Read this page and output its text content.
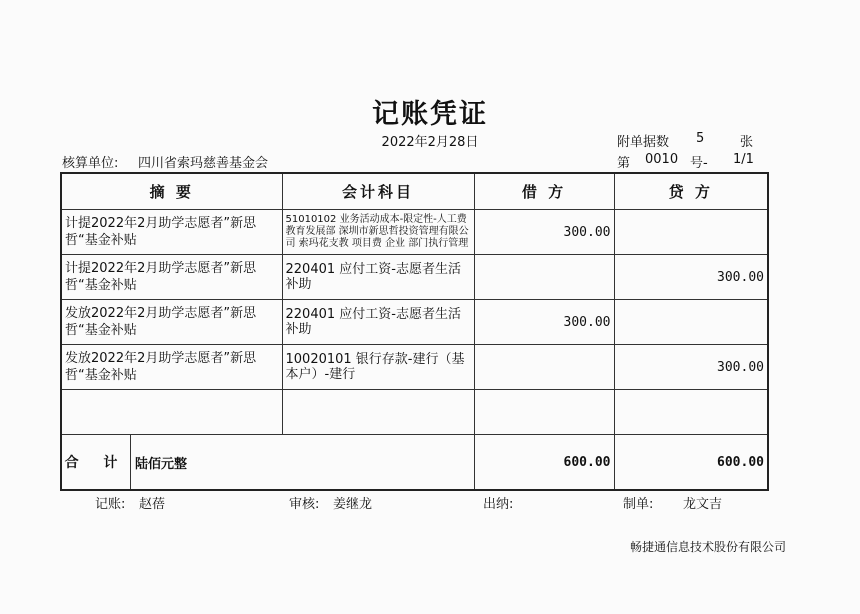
记账凭证
2022年2月28日	附单据数 5	张
核算单位: 四川省索玛慈善基金会	第 0010 号- 1/1
摘 要	会计科目	借 方	贷 方
计提2022年2月助学志愿者”新思哲“基金补贴	51010102 业务活动成本-限定性-人工费 教育发展部 深圳市新思哲投资管理有限公司 索玛花支教 项目费 企业 部门执行管理	300.00	
计提2022年2月助学志愿者”新思哲“基金补贴	220401 应付工资-志愿者生活补助		300.00
发放2022年2月助学志愿者”新思哲“基金补贴	220401 应付工资-志愿者生活补助	300.00	
发放2022年2月助学志愿者”新思哲“基金补贴	10020101 银行存款-建行（基本户）-建行		300.00

合 计 陆佰元整		600.00	600.00
记账: 赵蓓	审核: 姜继龙	出纳:	制单: 龙文吉
畅捷通信息技术股份有限公司
